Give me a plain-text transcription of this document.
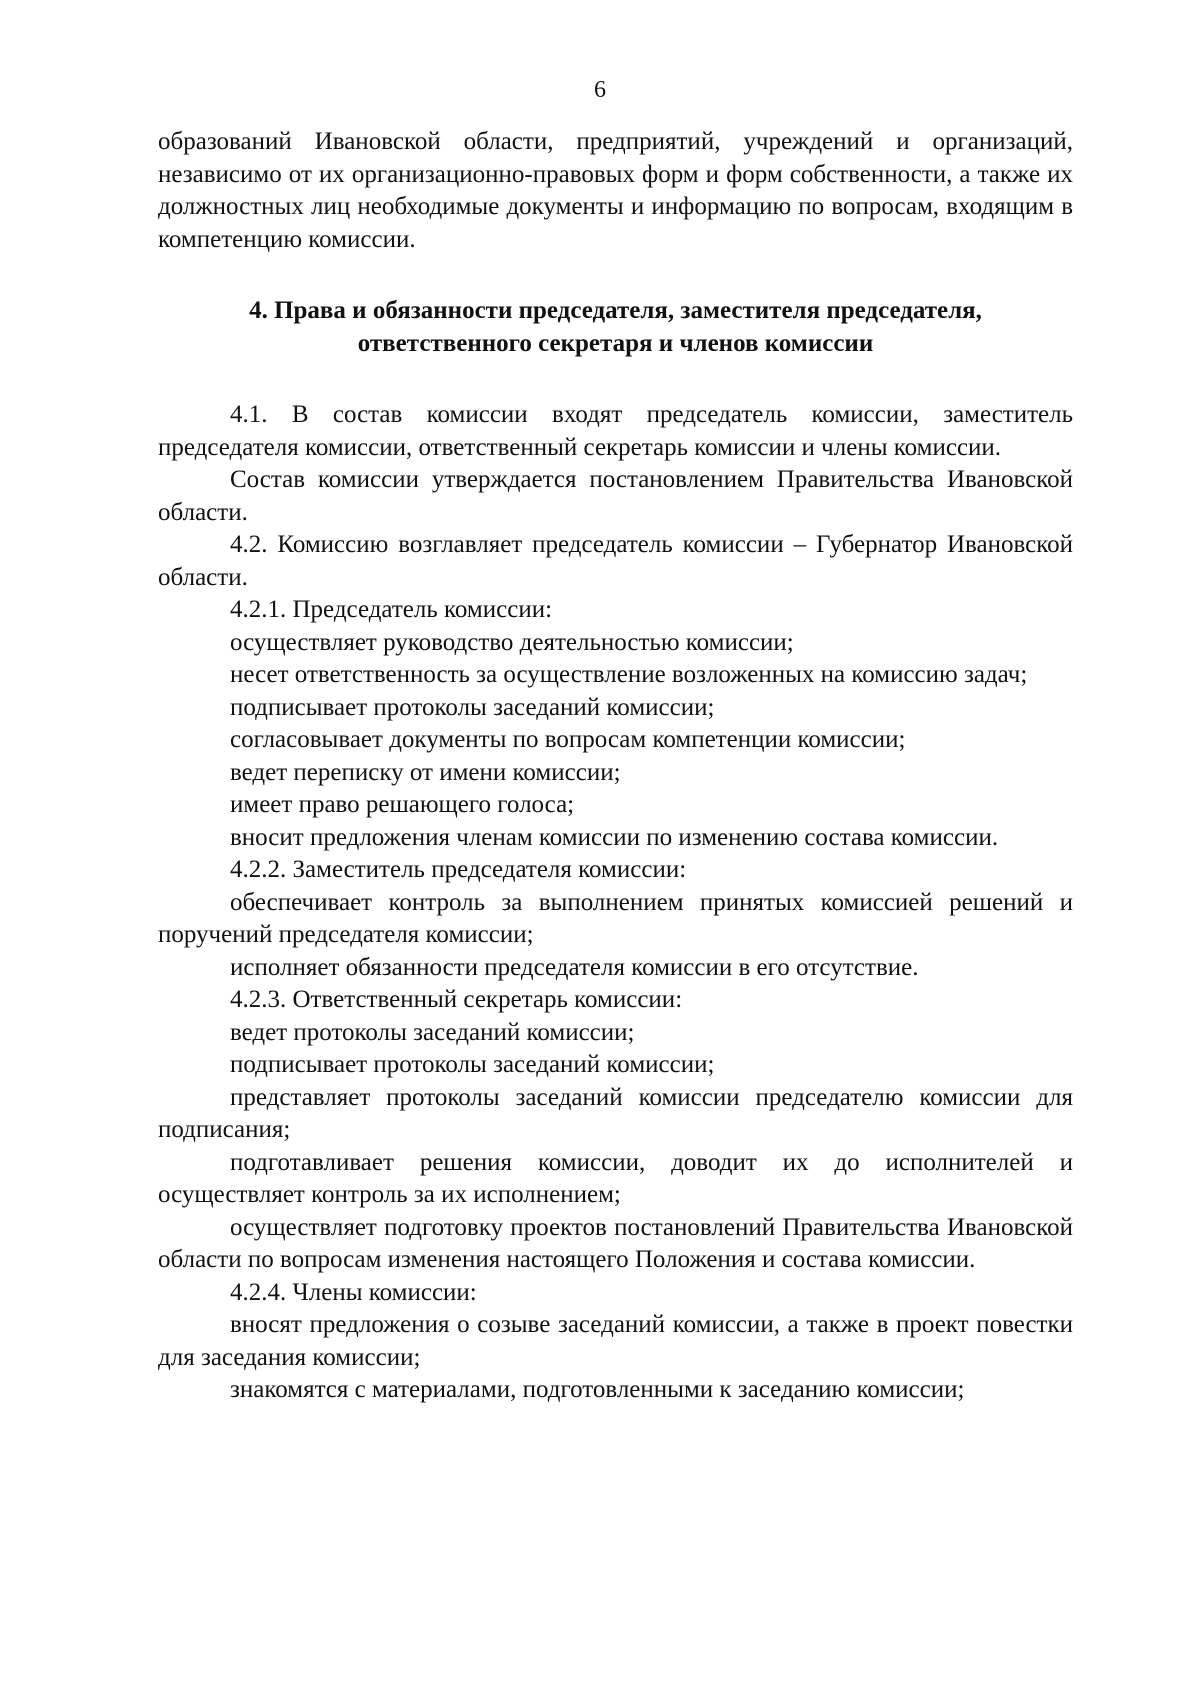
6

образований Ивановской области, предприятий, учреждений и организаций, независимо от их организационно-правовых форм и форм собственности, а также их должностных лиц необходимые документы и информацию по вопросам, входящим в компетенцию комиссии.

4. Права и обязанности председателя, заместителя председателя,
ответственного секретаря и членов комиссии

4.1. В состав комиссии входят председатель комиссии, заместитель председателя комиссии, ответственный секретарь комиссии и члены комиссии.

Состав комиссии утверждается постановлением Правительства Ивановской области.

4.2. Комиссию возглавляет председатель комиссии – Губернатор Ивановской области.

4.2.1. Председатель комиссии:

осуществляет руководство деятельностью комиссии;

несет ответственность за осуществление возложенных на комиссию задач;

подписывает протоколы заседаний комиссии;

согласовывает документы по вопросам компетенции комиссии;

ведет переписку от имени комиссии;

имеет право решающего голоса;

вносит предложения членам комиссии по изменению состава комиссии.

4.2.2. Заместитель председателя комиссии:

обеспечивает контроль за выполнением принятых комиссией решений и поручений председателя комиссии;

исполняет обязанности председателя комиссии в его отсутствие.

4.2.3. Ответственный секретарь комиссии:

ведет протоколы заседаний комиссии;

подписывает протоколы заседаний комиссии;

представляет протоколы заседаний комиссии председателю комиссии для подписания;

подготавливает решения комиссии, доводит их до исполнителей и осуществляет контроль за их исполнением;

осуществляет подготовку проектов постановлений Правительства Ивановской области по вопросам изменения настоящего Положения и состава комиссии.

4.2.4. Члены комиссии:

вносят предложения о созыве заседаний комиссии, а также в проект повестки для заседания комиссии;

знакомятся с материалами, подготовленными к заседанию комиссии;
